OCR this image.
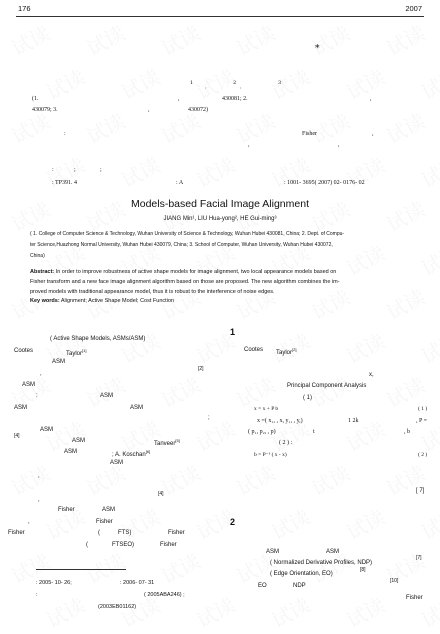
176	2007
*
1
,
2
,
3
(1.	,	430081; 2.	,
430079; 3.	,	430072)
:	Fisher	,
,	,
:	;	;
: TP391. 4	: A	: 1001- 3695( 2007) 02- 0176- 02
Models-based Facial Image Alignment
JIANG Min¹, LIU Hua-yong², HE Gui-ming³
( 1. College of Computer Science & Technology, Wuhan University of Science & Technology, Wuhan Hubei 430081, China; 2. Dept. of Compu-
ter Science,Huazhong Normal University, Wuhan Hubei 430079, China; 3. School of Computer, Wuhan University, Wuhan Hubei 430072,
China)
Abstract: In order to improve robustness of active shape models for image alignment, two local appearance models based on
Fisher transform and a new face image alignment algorithm based on those are proposed. The new algorithm combines the im-
proved models with traditional appearance model, thus it is robust to the interference of noise edges.
Key words: Alignment; Active Shape Model; Cost Function
( Active Shape Models, ASMs/ASM)
Cootes	Taylor[1]
ASM
,
[2]
ASM
:	ASM
ASM	ASM
;
ASM
[4]
ASM	Tanveer[5]
ASM	; A. Koschan[6]
ASM
,
[4]
,
Fisher	ASM
,	Fisher
Fisher	(	FTS)	Fisher
(	FTSEO)	Fisher
: 2005- 10- 26;	: 2006- 07- 31
:	( 2005ABA246) ;
(2003EB01162)
1
Cootes Taylor[2]
x,
Principal Component Analysis
( 1)
x = x + P b	( 1 )
x =( x₁, , x, y₁, , y,)	1 2k	, P =
( p₁, p₂, , p)	t	, b
( 2 ) :
b = P⁻¹ ( x - x)	( 2 )
[ 7]
2
ASM	ASM
( Normalized Derivative Profiles, NDP)
[7]
( Edge Orientation, EO)
[8]
EO	NDP
[10]
Fisher
